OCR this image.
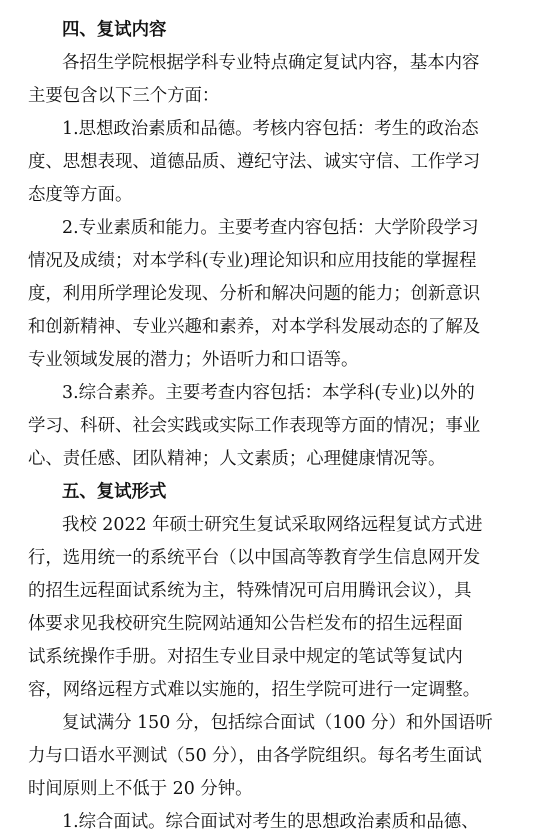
四、复试内容
各招生学院根据学科专业特点确定复试内容，基本内容
主要包含以下三个方面：
1.思想政治素质和品德。考核内容包括：考生的政治态
度、思想表现、道德品质、遵纪守法、诚实守信、工作学习
态度等方面。
2.专业素质和能力。主要考查内容包括：大学阶段学习
情况及成绩；对本学科(专业)理论知识和应用技能的掌握程
度，利用所学理论发现、分析和解决问题的能力；创新意识
和创新精神、专业兴趣和素养，对本学科发展动态的了解及
专业领域发展的潜力；外语听力和口语等。
3.综合素养。主要考查内容包括：本学科(专业)以外的
学习、科研、社会实践或实际工作表现等方面的情况；事业
心、责任感、团队精神；人文素质；心理健康情况等。
五、复试形式
我校 2022 年硕士研究生复试采取网络远程复试方式进
行，选用统一的系统平台（以中国高等教育学生信息网开发
的招生远程面试系统为主，特殊情况可启用腾讯会议），具
体要求见我校研究生院网站通知公告栏发布的招生远程面
试系统操作手册。对招生专业目录中规定的笔试等复试内
容，网络远程方式难以实施的，招生学院可进行一定调整。
复试满分 150 分，包括综合面试（100 分）和外国语听
力与口语水平测试（50 分），由各学院组织。每名考生面试
时间原则上不低于 20 分钟。
1.综合面试。综合面试对考生的思想政治素质和品德、
